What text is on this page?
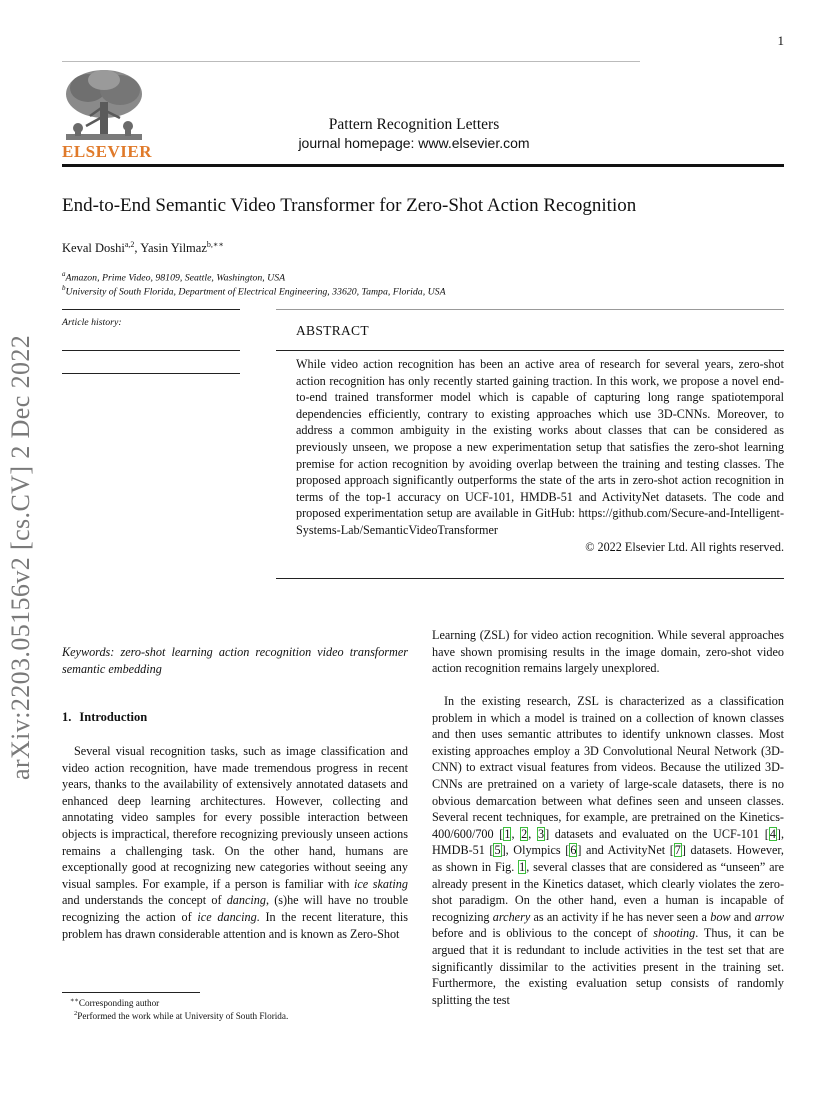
1
ELSEVIER
Pattern Recognition Letters
journal homepage: www.elsevier.com
End-to-End Semantic Video Transformer for Zero-Shot Action Recognition
Keval Doshi$^{a,2}$, Yasin Yilmaz$^{b,∗∗}$
$^a$Amazon, Prime Video, 98109, Seattle, Washington, USA
$^b$University of South Florida, Department of Electrical Engineering, 33620, Tampa, Florida, USA
Article history:
ABSTRACT

While video action recognition has been an active area of research for several years, zero-shot action recognition has only recently started gaining traction. In this work, we propose a novel end-to-end trained transformer model which is capable of capturing long range spatiotemporal dependencies efficiently, contrary to existing approaches which use 3D-CNNs. Moreover, to address a common ambiguity in the existing works about classes that can be considered as previously unseen, we propose a new experimentation setup that satisfies the zero-shot learning premise for action recognition by avoiding overlap between the training and testing classes. The proposed approach significantly outperforms the state of the arts in zero-shot action recognition in terms of the top-1 accuracy on UCF-101, HMDB-51 and ActivityNet datasets. The code and proposed experimentation setup are available in GitHub: https://github.com/Secure-and-Intelligent-Systems-Lab/SemanticVideoTransformer

© 2022 Elsevier Ltd. All rights reserved.

arXiv:2203.05156v2 [cs.CV] 2 Dec 2022 Keywords: zero-shot learning action recognition video transformer semantic embedding
1. Introduction

Several visual recognition tasks, such as image classification and video action recognition, have made tremendous progress in recent years, thanks to the availability of extensively annotated datasets and enhanced deep learning architectures. However, collecting and annotating video samples for every possible interaction between objects is impractical, therefore recognizing previously unseen actions remains a challenging task. On the other hand, humans are exceptionally good at recognizing new categories without seeing any visual samples. For example, if a person is familiar with ice skating and understands the concept of dancing, (s)he will have no trouble recognizing the action of ice dancing. In the recent literature, this problem has drawn considerable attention and is known as Zero-Shot

∗∗Corresponding author
$^2$Performed the work while at University of South Florida.

Learning (ZSL) for video action recognition. While several approaches have shown promising results in the image domain, zero-shot video action recognition remains largely unexplored.

In the existing research, ZSL is characterized as a classification problem in which a model is trained on a collection of known classes and then uses semantic attributes to identify unknown classes. Most existing approaches employ a 3D Convolutional Neural Network (3D-CNN) to extract visual features from videos. Because the utilized 3D-CNNs are pretrained on a variety of large-scale datasets, there is no obvious demarcation between what defines seen and unseen classes. Several recent techniques, for example, are pretrained on the Kinetics-400/600/700 [1, 2, 3] datasets and evaluated on the UCF-101 [4], HMDB-51 [5], Olympics [6] and ActivityNet [7] datasets. However, as shown in Fig. 1, several classes that are considered as “unseen” are already present in the Kinetics dataset, which clearly violates the zero-shot paradigm. On the other hand, even a human is incapable of recognizing archery as an activity if he has never seen a bow and arrow before and is oblivious to the concept of shooting. Thus, it can be argued that it is redundant to include activities in the test set that are significantly dissimilar to the activities present in the training set. Furthermore, the existing evaluation setup consists of randomly splitting the test
